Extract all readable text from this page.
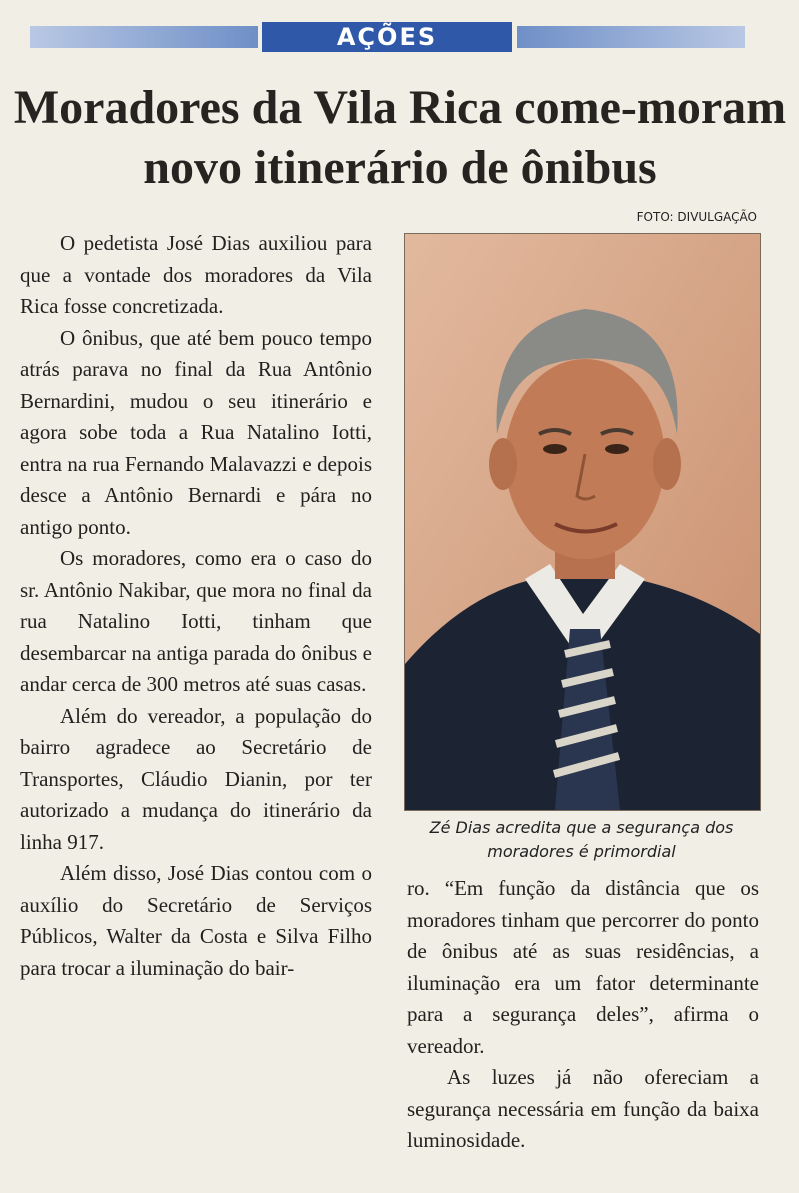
AÇÕES
Moradores da Vila Rica come-moram novo itinerário de ônibus
FOTO: DIVULGAÇÃO

O pedetista José Dias auxiliou para que a vontade dos moradores da Vila Rica fosse concretizada.

O ônibus, que até bem pouco tempo atrás parava no final da Rua Antônio Bernardini, mudou o seu itinerário e agora sobe toda a Rua Natalino Iotti, entra na rua Fernando Malavazzi e depois desce a Antônio Bernardi e pára no antigo ponto.

Os moradores, como era o caso do sr. Antônio Nakibar, que mora no final da rua Natalino Iotti, tinham que desembarcar na antiga parada do ônibus e andar cerca de 300 metros até suas casas.

Além do vereador, a população do bairro agradece ao Secretário de Transportes, Cláudio Dianin, por ter autorizado a mudança do itinerário da linha 917.

Além disso, José Dias contou com o auxílio do Secretário de Serviços Públicos, Walter da Costa e Silva Filho para trocar a iluminação do bair-

Zé Dias acredita que a segurança dos moradores é primordial

ro. “Em função da distância que os moradores tinham que percorrer do ponto de ônibus até as suas residências, a iluminação era um fator determinante para a segurança deles”, afirma o vereador.

As luzes já não ofereciam a segurança necessária em função da baixa luminosidade.
